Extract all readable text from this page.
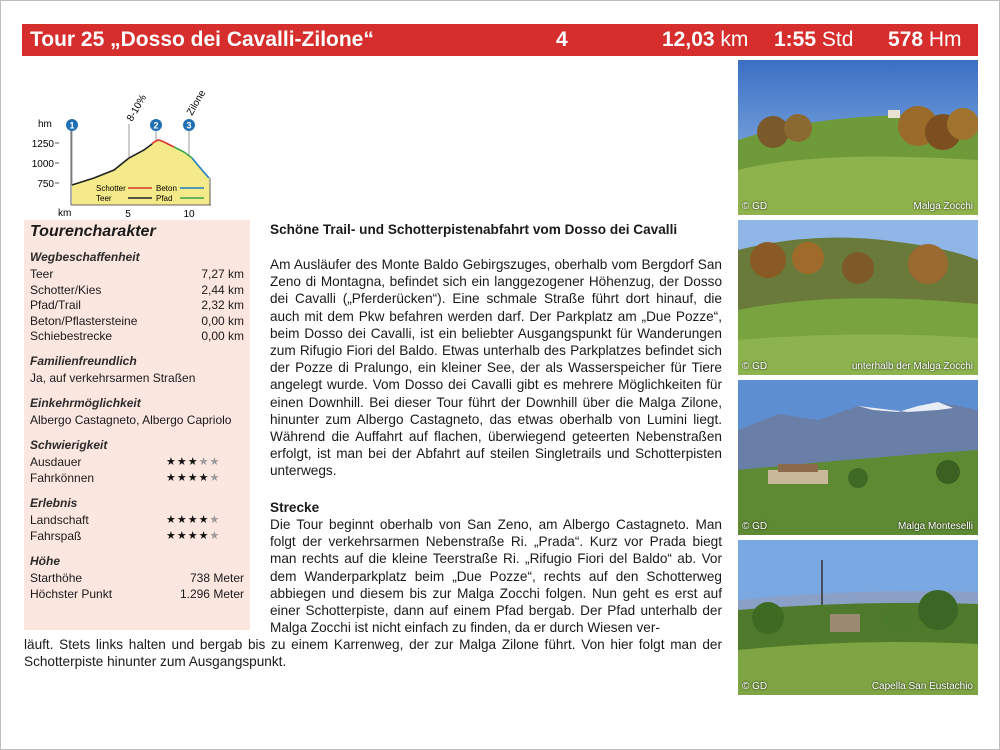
Tour 25 „Dosso dei Cavalli-Zilone“	4	12,03 km 1:55 Std 578 Hm
hm
1250
1000
750
1	2	3
8-10%	Zilone
Schotter	Beton
Teer	Pfad
km	5	10
Tourencharakter
Wegbeschaffenheit
Teer	7,27 km
Schotter/Kies	2,44 km
Pfad/Trail	2,32 km
Beton/Pflastersteine	0,00 km
Schiebestrecke	0,00 km
Familienfreundlich
Ja, auf verkehrsarmen Straßen
Einkehrmöglichkeit
Albergo Castagneto, Albergo Capriolo
Schwierigkeit
Ausdauer	★★★★★
Fahrkönnen	★★★★★
Erlebnis
Landschaft	★★★★★
Fahrspaß	★★★★★
Höhe
Starthöhe	738 Meter
Höchster Punkt	1.296 Meter
Schöne Trail- und Schotterpistenabfahrt vom Dosso dei Cavalli
Am Ausläufer des Monte Baldo Gebirgszuges, oberhalb vom Bergdorf San Zeno di Montagna, befindet sich ein langgezogener Höhenzug, der Dosso dei Cavalli („Pferderücken“). Eine schmale Straße führt dort hinauf, die auch mit dem Pkw befahren werden darf. Der Parkplatz am „Due Pozze“, beim Dosso dei Cavalli, ist ein beliebter Ausgangspunkt für Wanderungen zum Rifugio Fiori del Baldo. Etwas unterhalb des Parkplatzes befindet sich der Pozze di Pralungo, ein kleiner See, der als Wasserspeicher für Tiere angelegt wurde. Vom Dosso dei Cavalli gibt es mehrere Möglichkeiten für einen Downhill. Bei dieser Tour führt der Downhill über die Malga Zilone, hinunter zum Albergo Castagneto, das etwas oberhalb von Lumini liegt. Während die Auffahrt auf flachen, überwiegend geteerten Nebenstraßen erfolgt, ist man bei der Abfahrt auf steilen Singletrails und Schotterpisten unterwegs.
Strecke
Die Tour beginnt oberhalb von San Zeno, am Albergo Castagneto. Man folgt der verkehrsarmen Nebenstraße Ri. „Prada“. Kurz vor Prada biegt man rechts auf die kleine Teerstraße Ri. „Rifugio Fiori del Baldo“ ab. Vor dem Wanderparkplatz beim „Due Pozze“, rechts auf den Schotterweg abbiegen und diesem bis zur Malga Zocchi folgen. Nun geht es erst auf einer Schotterpiste, dann auf einem Pfad bergab. Der Pfad unterhalb der Malga Zocchi ist nicht einfach zu finden, da er durch Wiesen ver-
läuft. Stets links halten und bergab bis zu einem Karrenweg, der zur Malga Zilone führt. Von hier folgt man der Schotterpiste hinunter zum Ausgangspunkt.
© GD	Malga Zocchi
© GD	unterhalb der Malga Zocchi
© GD	Malga Monteselli
© GD	Capella San Eustachio
